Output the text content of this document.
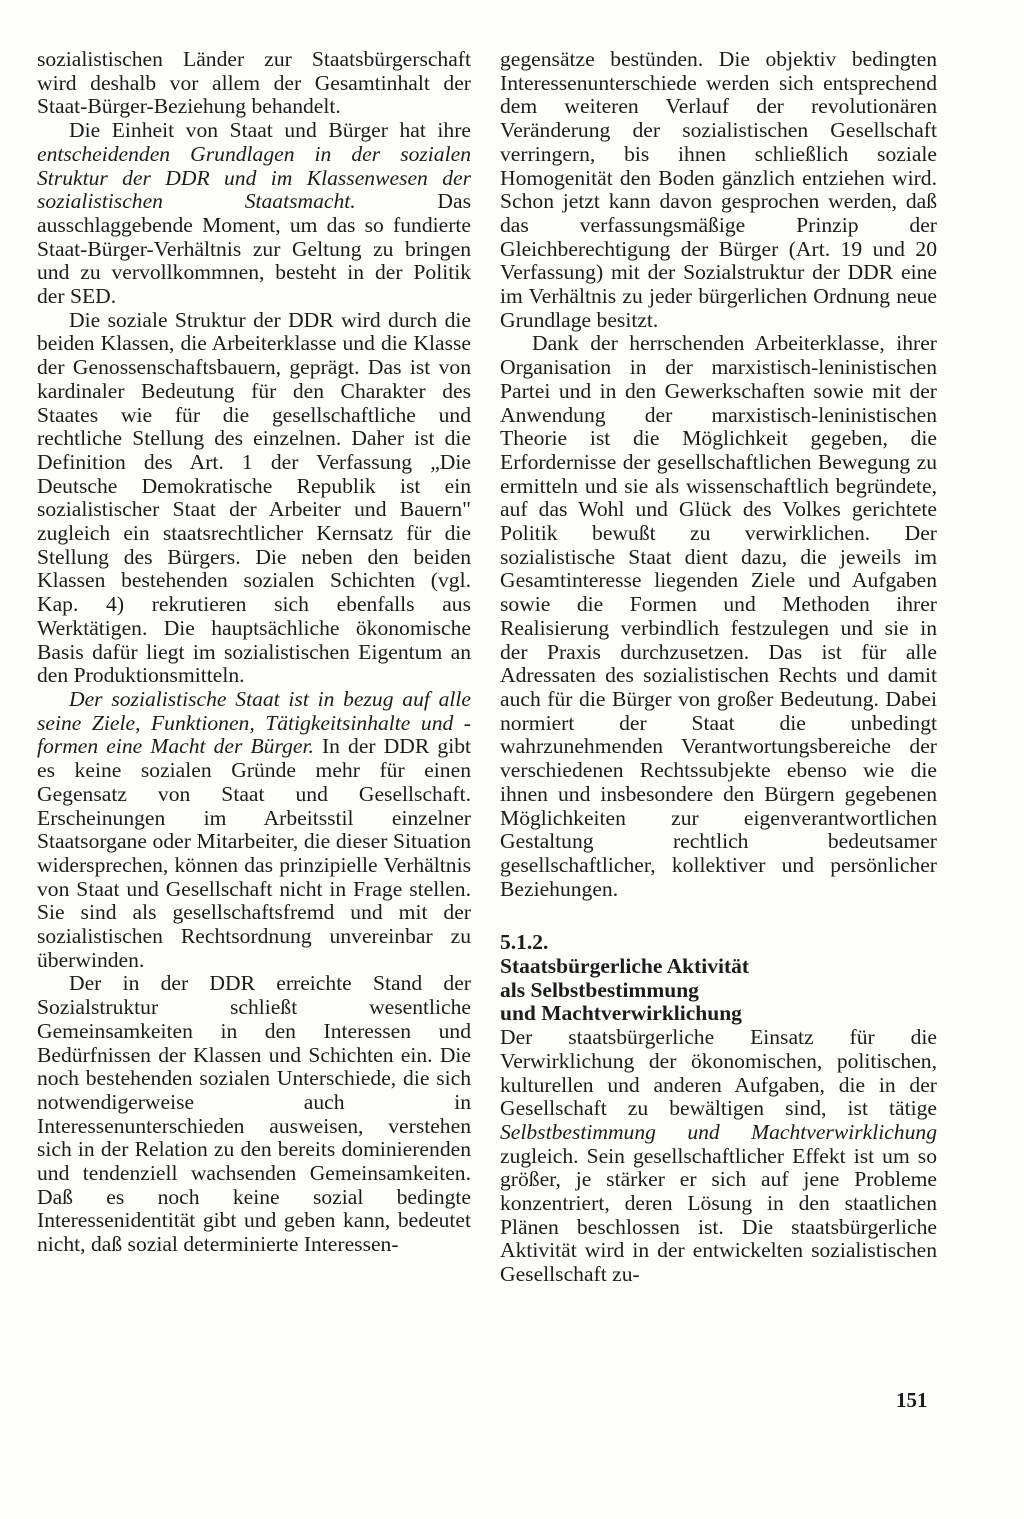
sozialistischen Länder zur Staatsbürgerschaft wird deshalb vor allem der Gesamtinhalt der Staat-Bürger-Beziehung behandelt.

Die Einheit von Staat und Bürger hat ihre entscheidenden Grundlagen in der sozialen Struktur der DDR und im Klassenwesen der sozialistischen Staatsmacht. Das ausschlaggebende Moment, um das so fundierte Staat-Bürger-Verhältnis zur Geltung zu bringen und zu vervollkommnen, besteht in der Politik der SED.

Die soziale Struktur der DDR wird durch die beiden Klassen, die Arbeiterklasse und die Klasse der Genossenschaftsbauern, geprägt. Das ist von kardinaler Bedeutung für den Charakter des Staates wie für die gesellschaftliche und rechtliche Stellung des einzelnen. Daher ist die Definition des Art. 1 der Verfassung „Die Deutsche Demokratische Republik ist ein sozialistischer Staat der Arbeiter und Bauern" zugleich ein staatsrechtlicher Kernsatz für die Stellung des Bürgers. Die neben den beiden Klassen bestehenden sozialen Schichten (vgl. Kap. 4) rekrutieren sich ebenfalls aus Werktätigen. Die hauptsächliche ökonomische Basis dafür liegt im sozialistischen Eigentum an den Produktionsmitteln.

Der sozialistische Staat ist in bezug auf alle seine Ziele, Funktionen, Tätigkeitsinhalte und -formen eine Macht der Bürger. In der DDR gibt es keine sozialen Gründe mehr für einen Gegensatz von Staat und Gesellschaft. Erscheinungen im Arbeitsstil einzelner Staatsorgane oder Mitarbeiter, die dieser Situation widersprechen, können das prinzipielle Verhältnis von Staat und Gesellschaft nicht in Frage stellen. Sie sind als gesellschaftsfremd und mit der sozialistischen Rechtsordnung unvereinbar zu überwinden.

Der in der DDR erreichte Stand der Sozialstruktur schließt wesentliche Gemeinsamkeiten in den Interessen und Bedürfnissen der Klassen und Schichten ein. Die noch bestehenden sozialen Unterschiede, die sich notwendigerweise auch in Interessenunterschieden ausweisen, verstehen sich in der Relation zu den bereits dominierenden und tendenziell wachsenden Gemeinsamkeiten. Daß es noch keine sozial bedingte Interessenidentität gibt und geben kann, bedeutet nicht, daß sozial determinierte Interessen-

gegensätze bestünden. Die objektiv bedingten Interessenunterschiede werden sich entsprechend dem weiteren Verlauf der revolutionären Veränderung der sozialistischen Gesellschaft verringern, bis ihnen schließlich soziale Homogenität den Boden gänzlich entziehen wird. Schon jetzt kann davon gesprochen werden, daß das verfassungsmäßige Prinzip der Gleichberechtigung der Bürger (Art. 19 und 20 Verfassung) mit der Sozialstruktur der DDR eine im Verhältnis zu jeder bürgerlichen Ordnung neue Grundlage besitzt.

Dank der herrschenden Arbeiterklasse, ihrer Organisation in der marxistisch-leninistischen Partei und in den Gewerkschaften sowie mit der Anwendung der marxistisch-leninistischen Theorie ist die Möglichkeit gegeben, die Erfordernisse der gesellschaftlichen Bewegung zu ermitteln und sie als wissenschaftlich begründete, auf das Wohl und Glück des Volkes gerichtete Politik bewußt zu verwirklichen. Der sozialistische Staat dient dazu, die jeweils im Gesamtinteresse liegenden Ziele und Aufgaben sowie die Formen und Methoden ihrer Realisierung verbindlich festzulegen und sie in der Praxis durchzusetzen. Das ist für alle Adressaten des sozialistischen Rechts und damit auch für die Bürger von großer Bedeutung. Dabei normiert der Staat die unbedingt wahrzunehmenden Verantwortungsbereiche der verschiedenen Rechtssubjekte ebenso wie die ihnen und insbesondere den Bürgern gegebenen Möglichkeiten zur eigenverantwortlichen Gestaltung rechtlich bedeutsamer gesellschaftlicher, kollektiver und persönlicher Beziehungen.

5.1.2.
Staatsbürgerliche Aktivität
als Selbstbestimmung
und Machtverwirklichung

Der staatsbürgerliche Einsatz für die Verwirklichung der ökonomischen, politischen, kulturellen und anderen Aufgaben, die in der Gesellschaft zu bewältigen sind, ist tätige Selbstbestimmung und Machtverwirklichung zugleich. Sein gesellschaftlicher Effekt ist um so größer, je stärker er sich auf jene Probleme konzentriert, deren Lösung in den staatlichen Plänen beschlossen ist. Die staatsbürgerliche Aktivität wird in der entwickelten sozialistischen Gesellschaft zu-

151
